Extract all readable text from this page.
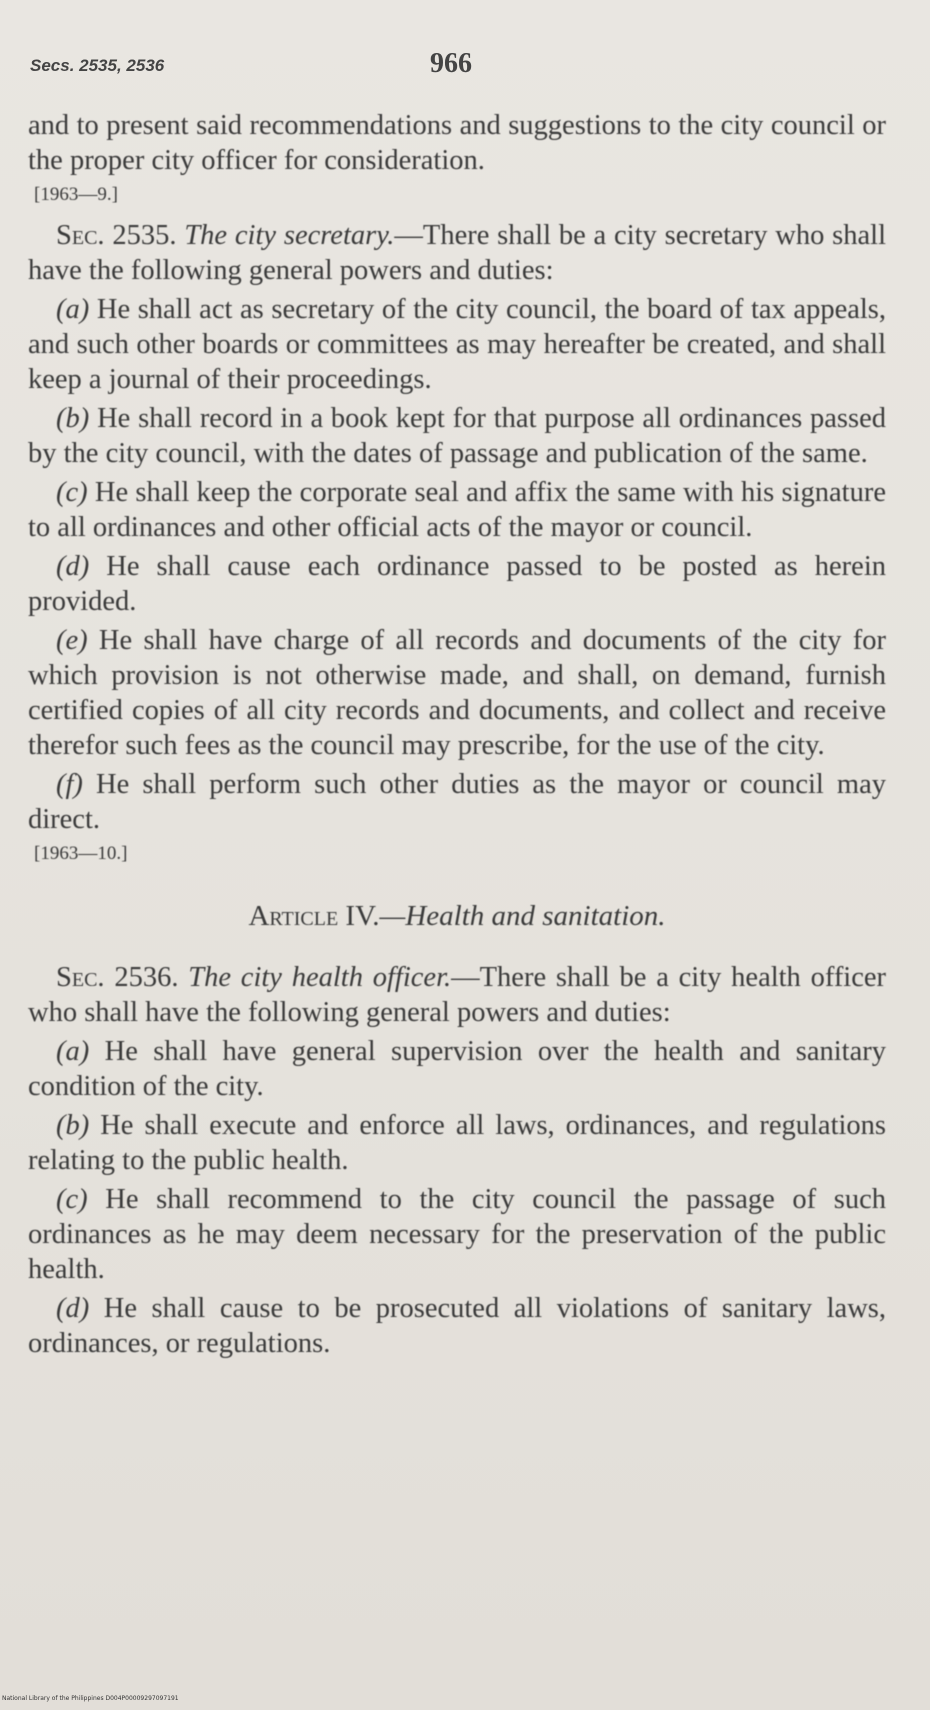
Secs. 2535, 2536	966

and to present said recommendations and suggestions to the city council or the proper city officer for consideration.

[1963—9.]

Sec. 2535. The city secretary.—There shall be a city secretary who shall have the following general powers and duties:

(a) He shall act as secretary of the city council, the board of tax appeals, and such other boards or committees as may hereafter be created, and shall keep a journal of their proceedings.

(b) He shall record in a book kept for that purpose all ordinances passed by the city council, with the dates of passage and publication of the same.

(c) He shall keep the corporate seal and affix the same with his signature to all ordinances and other official acts of the mayor or council.

(d) He shall cause each ordinance passed to be posted as herein provided.

(e) He shall have charge of all records and documents of the city for which provision is not otherwise made, and shall, on demand, furnish certified copies of all city records and documents, and collect and receive therefor such fees as the council may prescribe, for the use of the city.

(f) He shall perform such other duties as the mayor or council may direct.

[1963—10.]

Article IV.—Health and sanitation.

Sec. 2536. The city health officer.—There shall be a city health officer who shall have the following general powers and duties:

(a) He shall have general supervision over the health and sanitary condition of the city.

(b) He shall execute and enforce all laws, ordinances, and regulations relating to the public health.

(c) He shall recommend to the city council the passage of such ordinances as he may deem necessary for the preservation of the public health.

(d) He shall cause to be prosecuted all violations of sanitary laws, ordinances, or regulations.

National Library of the Philippines D004P00009297097191
